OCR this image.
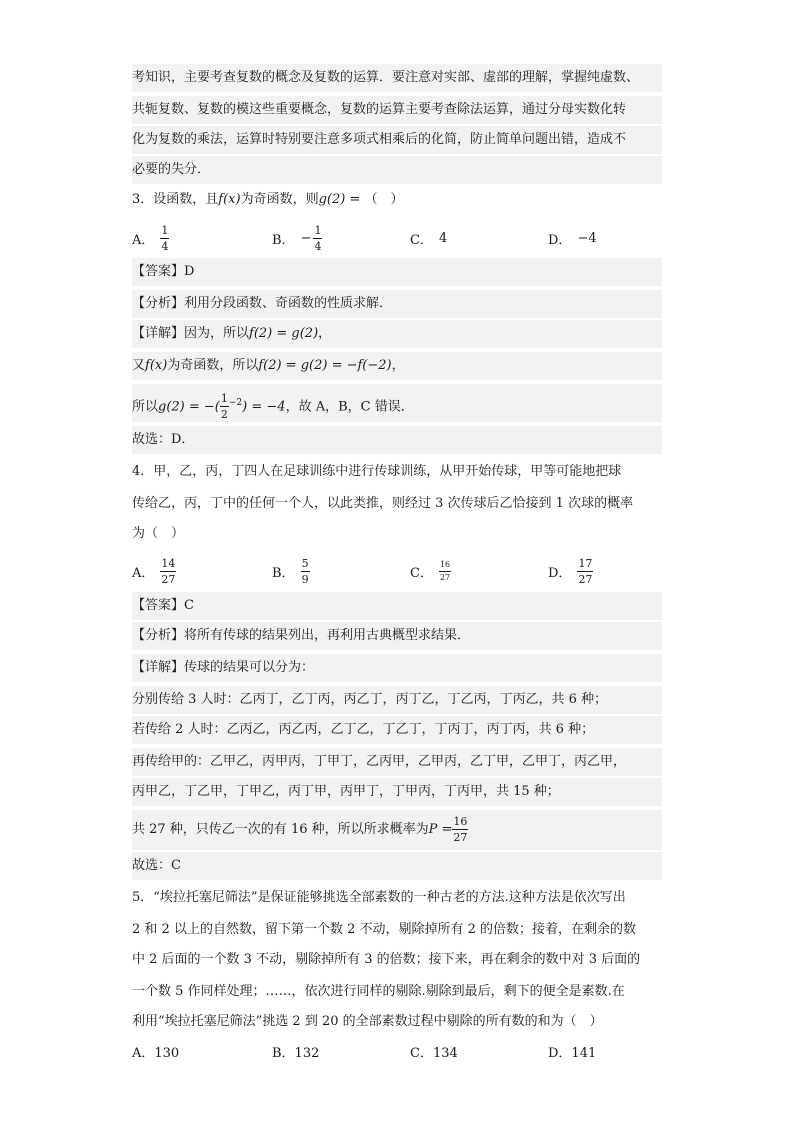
考知识，主要考查复数的概念及复数的运算．要注意对实部、虚部的理解，掌握纯虚数、
共轭复数、复数的模这些重要概念，复数的运算主要考查除法运算，通过分母实数化转
化为复数的乘法，运算时特别要注意多项式相乘后的化简，防止简单问题出错，造成不
必要的失分．
3．设函数，且f(x)为奇函数，则g(2) = （　）
A． $\frac{1}{4}$	B． − $\frac{1}{4}$	C． 4	D． −4
【答案】D
【分析】利用分段函数、奇函数的性质求解．
【详解】因为，所以f(2) = g(2)，
又f(x)为奇函数，所以f(2) = g(2) = −f(−2)，
所以g(2) = −( $\frac{1}{2} ^{-2}) = -4$，故 A，B，C 错误．
故选：D．
4．甲，乙，丙，丁四人在足球训练中进行传球训练，从甲开始传球，甲等可能地把球
传给乙，丙，丁中的任何一个人，以此类推，则经过 3 次传球后乙恰接到 1 次球的概率
为（　）
A． $\frac{14}{27}$	B． $\frac{5}{9}$	C． $\frac{16}{27}$	D． $\frac{17}{27}$
【答案】C
【分析】将所有传球的结果列出，再利用古典概型求结果．
【详解】传球的结果可以分为：
分别传给 3 人时：乙丙丁，乙丁丙，丙乙丁，丙丁乙，丁乙丙，丁丙乙，共 6 种；
若传给 2 人时：乙丙乙，丙乙丙，乙丁乙，丁乙丁，丁丙丁，丙丁丙，共 6 种；
再传给甲的：乙甲乙，丙甲丙，丁甲丁，乙丙甲，乙甲丙，乙丁甲，乙甲丁，丙乙甲，
丙甲乙，丁乙甲，丁甲乙，丙丁甲，丙甲丁，丁甲丙，丁丙甲，共 15 种；
共 27 种，只传乙一次的有 16 种，所以所求概率为$P = \frac{16}{27}$
故选：C
5．“埃拉托塞尼筛法”是保证能够挑选全部素数的一种古老的方法.这种方法是依次写出
2 和 2 以上的自然数，留下第一个数 2 不动，剔除掉所有 2 的倍数；接着，在剩余的数
中 2 后面的一个数 3 不动，剔除掉所有 3 的倍数；接下来，再在剩余的数中对 3 后面的
一个数 5 作同样处理；……，依次进行同样的剔除.剔除到最后，剩下的便全是素数.在
利用“埃拉托塞尼筛法”挑选 2 到 20 的全部素数过程中剔除的所有数的和为（　）
A．130	B．132	C．134	D．141
